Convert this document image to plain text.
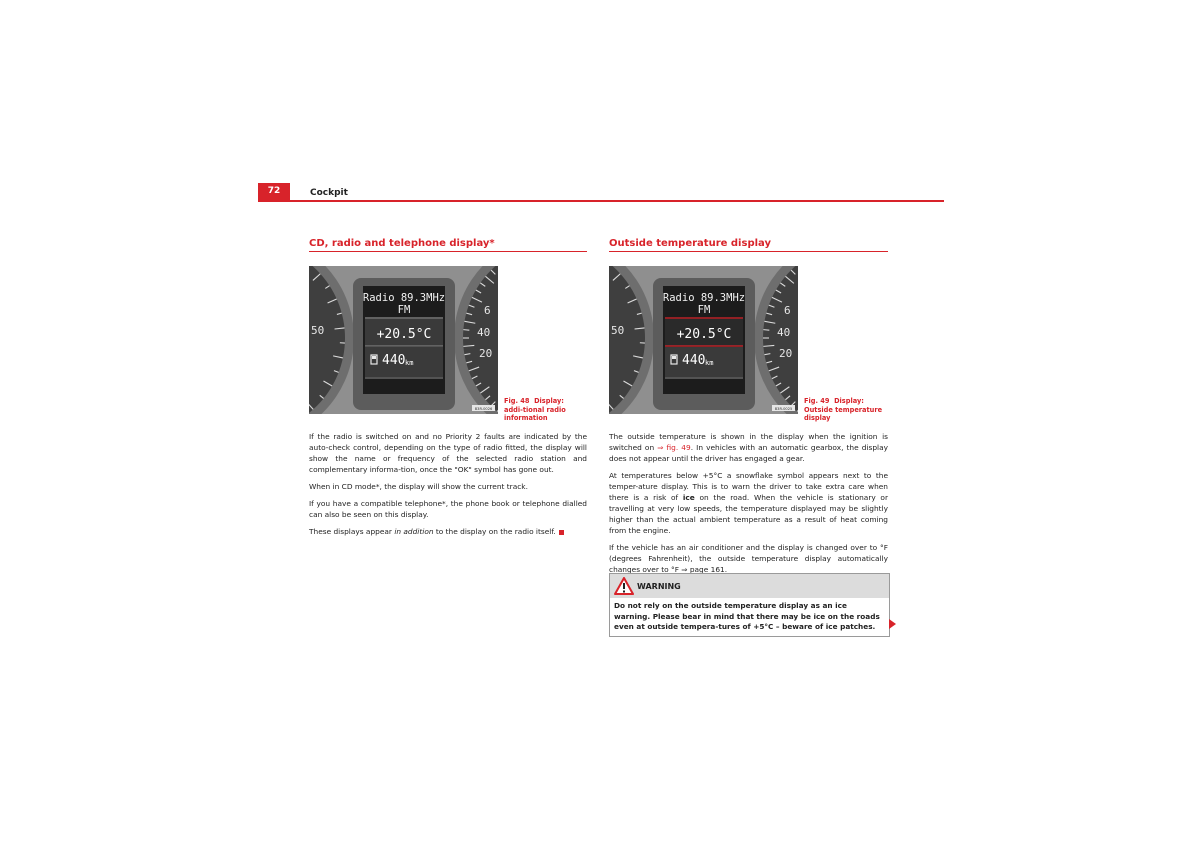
72	Cockpit
CD, radio and telephone display*
50
6
40
20
Radio 89.3MHz
FM
+20.5°C
440 km
B3R-0026
Fig. 48 Display: addi-tional radio information

If the radio is switched on and no Priority 2 faults are indicated by the auto-check control, depending on the type of radio fitted, the display will show the name or frequency of the selected radio station and complementary informa-tion, once the "OK" symbol has gone out.

When in CD mode*, the display will show the current track.

If you have a compatible telephone*, the phone book or telephone dialled can also be seen on this display.

These displays appear in addition to the display on the radio itself.

Outside temperature display
50
6
40
20
Radio 89.3MHz
FM
+20.5°C
440 km
B3R-0025
Fig. 49 Display: Outside temperature display

The outside temperature is shown in the display when the ignition is switched on ⇒ fig. 49. In vehicles with an automatic gearbox, the display does not appear until the driver has engaged a gear.

At temperatures below +5°C a snowflake symbol appears next to the temper-ature display. This is to warn the driver to take extra care when there is a risk of ice on the road. When the vehicle is stationary or travelling at very low speeds, the temperature displayed may be slightly higher than the actual ambient temperature as a result of heat coming from the engine.

If the vehicle has an air conditioner and the display is changed over to °F (degrees Fahrenheit), the outside temperature display automatically changes over to °F ⇒ page 161.

WARNING
Do not rely on the outside temperature display as an ice warning. Please bear in mind that there may be ice on the roads even at outside tempera-tures of +5°C – beware of ice patches.
